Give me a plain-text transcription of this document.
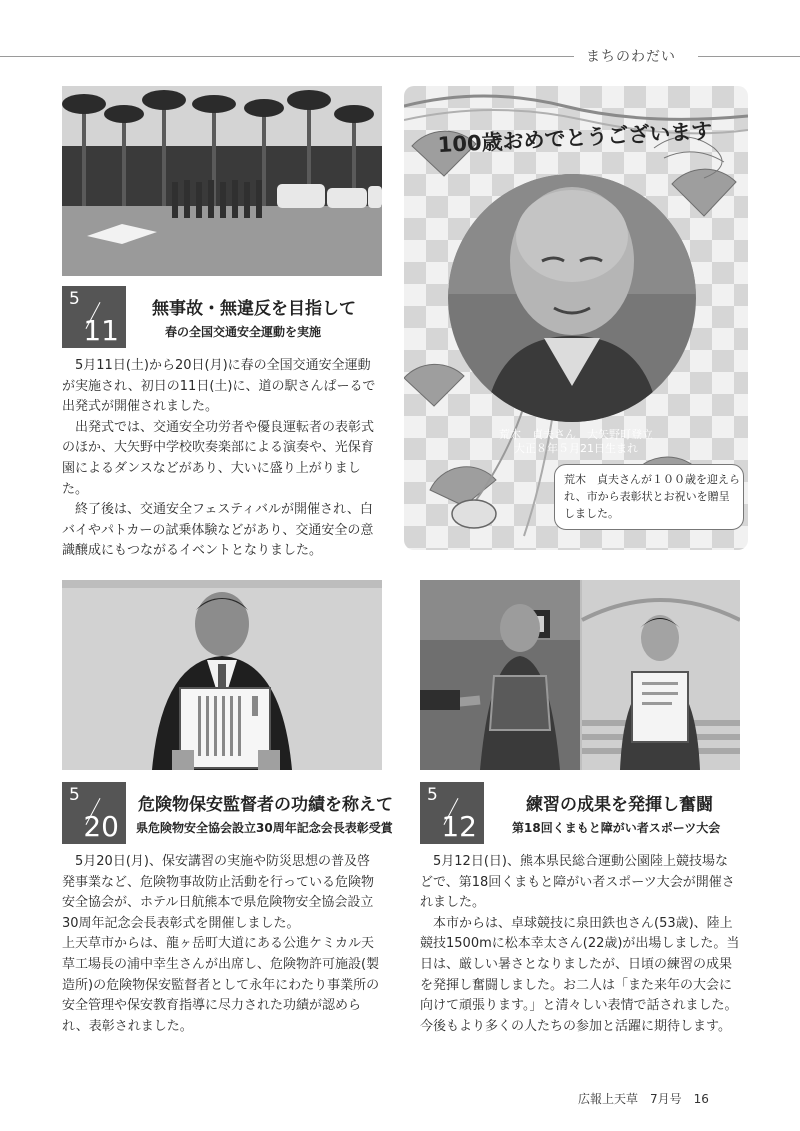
まちのわだい
5
11
無事故・無違反を目指して
春の全国交通安全運動を実施

5月11日(土)から20日(月)に春の全国交通安全運動が実施され、初日の11日(土)に、道の駅さんぱーるで出発式が開催されました。

出発式では、交通安全功労者や優良運転者の表彰式のほか、大矢野中学校吹奏楽部による演奏や、光保育園によるダンスなどがあり、大いに盛り上がりました。

終了後は、交通安全フェスティバルが開催され、白バイやパトカーの試乗体験などがあり、交通安全の意識醸成にもつながるイベントとなりました。

100歳おめでとうございます
荒木　貞夫さん　大矢野町登立
大正８年５月21日生まれ
荒木　貞夫さんが１００歳を迎えられ、市から表彰状とお祝いを贈呈しました。
5
20
危険物保安監督者の功績を称えて
県危険物安全協会設立30周年記念会長表彰受賞

5月20日(月)、保安講習の実施や防災思想の普及啓発事業など、危険物事故防止活動を行っている危険物安全協会が、ホテル日航熊本で県危険物安全協会設立30周年記念会長表彰式を開催しました。

上天草市からは、龍ヶ岳町大道にある公進ケミカル天草工場長の浦中幸生さんが出席し、危険物許可施設(製造所)の危険物保安監督者として永年にわたり事業所の安全管理や保安教育指導に尽力された功績が認められ、表彰されました。

5
12
練習の成果を発揮し奮闘
第18回くまもと障がい者スポーツ大会

5月12日(日)、熊本県民総合運動公園陸上競技場などで、第18回くまもと障がい者スポーツ大会が開催されました。

本市からは、卓球競技に泉田鉄也さん(53歳)、陸上競技1500mに松本幸太さん(22歳)が出場しました。当日は、厳しい暑さとなりましたが、日頃の練習の成果を発揮し奮闘しました。お二人は「また来年の大会に向けて頑張ります。」と清々しい表情で話されました。今後もより多くの人たちの参加と活躍に期待します。

広報上天草　7月号　16
